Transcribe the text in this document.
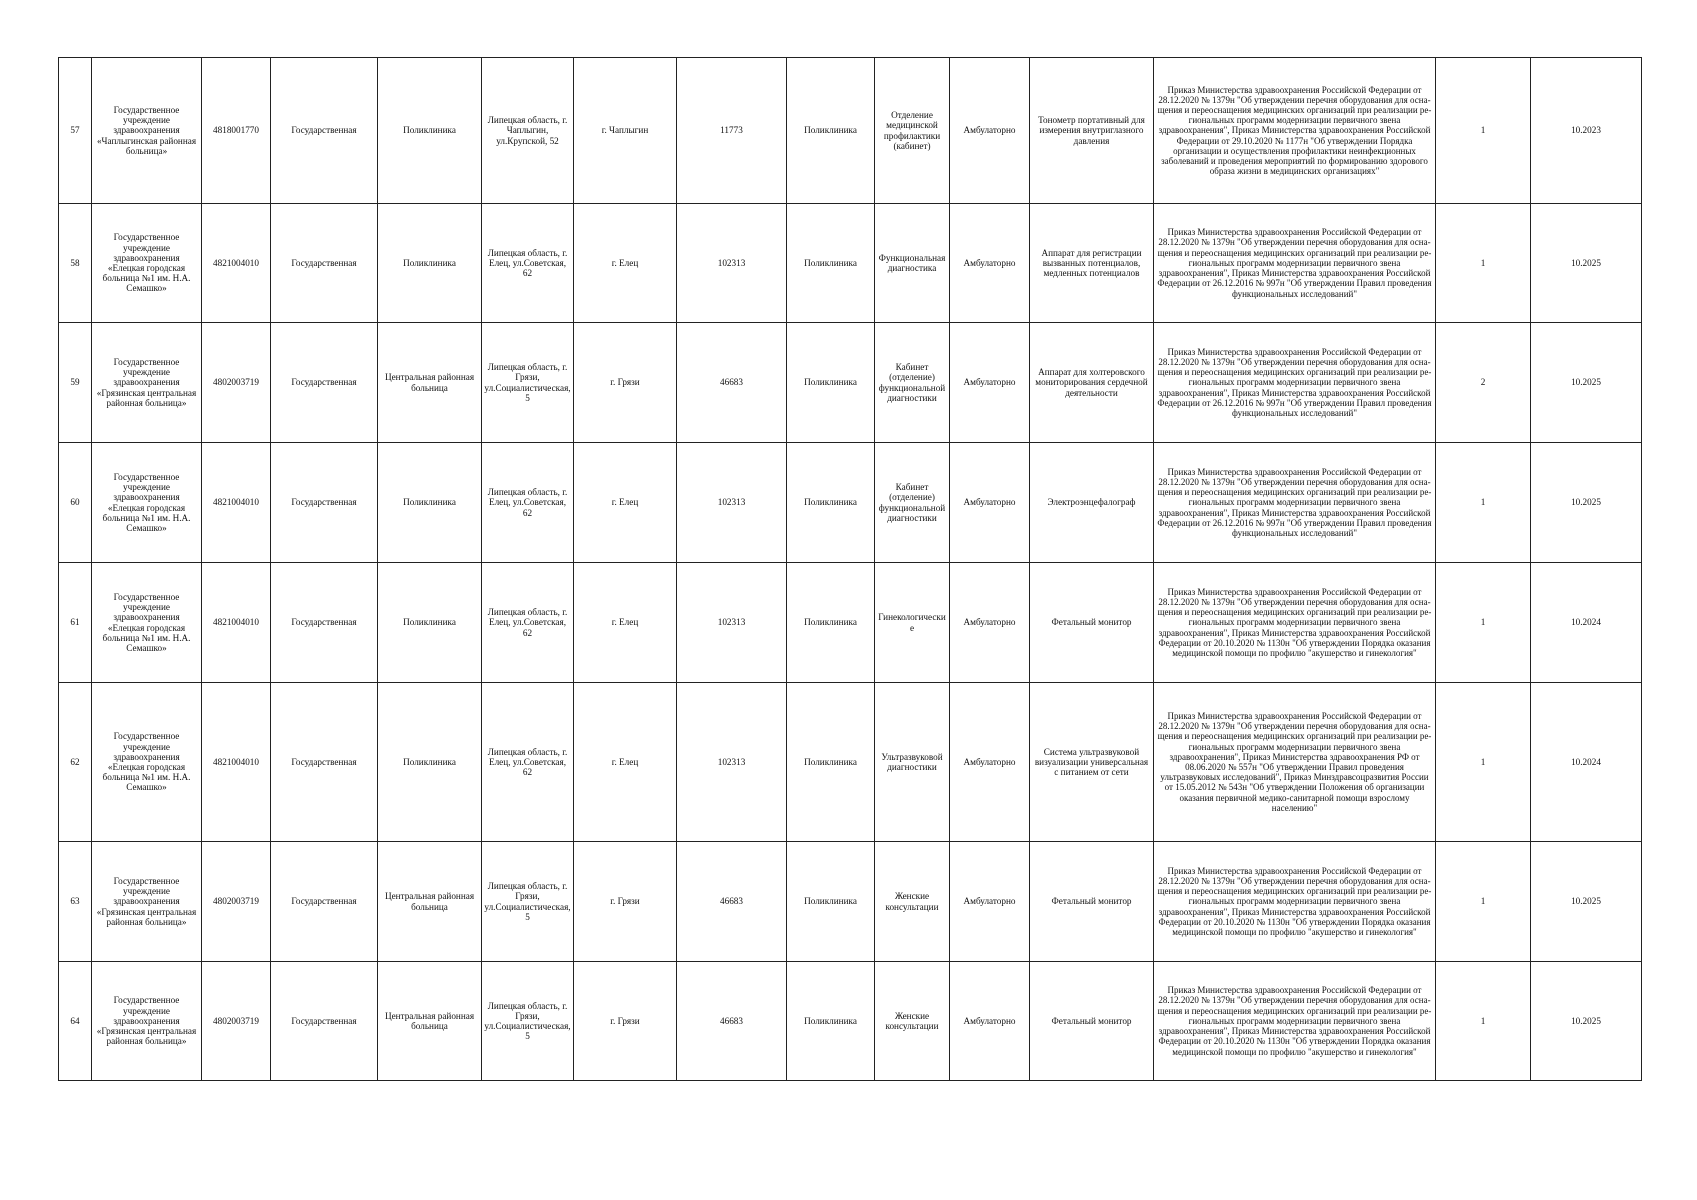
57	Государственное учреждение здравоохранения «Чаплыгинская районная больница»	4818001770	Государственная	Поликлиника	Липецкая область, г. Чаплыгин, ул.Крупской, 52	г. Чаплыгин	11773	Поликлиника	Отделение медицинской профилактики (кабинет)	Амбулаторно	Тонометр портативный для измерения внутриглазного давления	Приказ Министерства здравоохранения Российской Федерации от 28.12.2020 № 1379н "Об утверждении перечня оборудования для осна-щения и переоснащения медицинских организаций при реализации ре-гиональных программ модернизации первичного звена здравоохранения", Приказ Министерства здравоохранения Российской Федерации от 29.10.2020 № 1177н "Об утверждении Порядка организации и осуществления профилактики неинфекционных заболеваний и проведения мероприятий по формированию здорового образа жизни в медицинских организациях"	1	10.2023
58	Государственное учреждение здравоохранения «Елецкая городская больница №1 им. Н.А. Семашко»	4821004010	Государственная	Поликлиника	Липецкая область, г. Елец, ул.Советская, 62	г. Елец	102313	Поликлиника	Функциональная диагностика	Амбулаторно	Аппарат для регистрации вызванных потенциалов, медленных потенциалов	Приказ Министерства здравоохранения Российской Федерации от 28.12.2020 № 1379н "Об утверждении перечня оборудования для осна-щения и переоснащения медицинских организаций при реализации ре-гиональных программ модернизации первичного звена здравоохранения", Приказ Министерства здравоохранения Российской Федерации от 26.12.2016 № 997н "Об утверждении Правил проведения функциональных исследований"	1	10.2025
59	Государственное учреждение здравоохранения «Грязинская центральная районная больница»	4802003719	Государственная	Центральная районная больница	Липецкая область, г. Грязи, ул.Социалистическая, 5	г. Грязи	46683	Поликлиника	Кабинет (отделение) функциональной диагностики	Амбулаторно	Аппарат для холтеровского мониторирования сердечной деятельности	Приказ Министерства здравоохранения Российской Федерации от 28.12.2020 № 1379н "Об утверждении перечня оборудования для осна-щения и переоснащения медицинских организаций при реализации ре-гиональных программ модернизации первичного звена здравоохранения", Приказ Министерства здравоохранения Российской Федерации от 26.12.2016 № 997н "Об утверждении Правил проведения функциональных исследований"	2	10.2025
60	Государственное учреждение здравоохранения «Елецкая городская больница №1 им. Н.А. Семашко»	4821004010	Государственная	Поликлиника	Липецкая область, г. Елец, ул.Советская, 62	г. Елец	102313	Поликлиника	Кабинет (отделение) функциональной диагностики	Амбулаторно	Электроэнцефалограф	Приказ Министерства здравоохранения Российской Федерации от 28.12.2020 № 1379н "Об утверждении перечня оборудования для осна-щения и переоснащения медицинских организаций при реализации ре-гиональных программ модернизации первичного звена здравоохранения", Приказ Министерства здравоохранения Российской Федерации от 26.12.2016 № 997н "Об утверждении Правил проведения функциональных исследований"	1	10.2025
61	Государственное учреждение здравоохранения «Елецкая городская больница №1 им. Н.А. Семашко»	4821004010	Государственная	Поликлиника	Липецкая область, г. Елец, ул.Советская, 62	г. Елец	102313	Поликлиника	Гинекологические	Амбулаторно	Фетальный монитор	Приказ Министерства здравоохранения Российской Федерации от 28.12.2020 № 1379н "Об утверждении перечня оборудования для осна-щения и переоснащения медицинских организаций при реализации ре-гиональных программ модернизации первичного звена здравоохранения", Приказ Министерства здравоохранения Российской Федерации от 20.10.2020 № 1130н "Об утверждении Порядка оказания медицинской помощи по профилю "акушерство и гинекология"	1	10.2024
62	Государственное учреждение здравоохранения «Елецкая городская больница №1 им. Н.А. Семашко»	4821004010	Государственная	Поликлиника	Липецкая область, г. Елец, ул.Советская, 62	г. Елец	102313	Поликлиника	Ультразвуковой диагностики	Амбулаторно	Система ультразвуковой визуализации универсальная с питанием от сети	Приказ Министерства здравоохранения Российской Федерации от 28.12.2020 № 1379н "Об утверждении перечня оборудования для осна-щения и переоснащения медицинских организаций при реализации ре-гиональных программ модернизации первичного звена здравоохранения", Приказ Министерства здравоохранения РФ от 08.06.2020 № 557н "Об утверждении Правил проведения ультразвуковых исследований", Приказ Минздравсоцразвития России от 15.05.2012 № 543н "Об утверждении Положения об организации оказания первичной медико-санитарной помощи взрослому населению"	1	10.2024
63	Государственное учреждение здравоохранения «Грязинская центральная районная больница»	4802003719	Государственная	Центральная районная больница	Липецкая область, г. Грязи, ул.Социалистическая, 5	г. Грязи	46683	Поликлиника	Женские консультации	Амбулаторно	Фетальный монитор	Приказ Министерства здравоохранения Российской Федерации от 28.12.2020 № 1379н "Об утверждении перечня оборудования для осна-щения и переоснащения медицинских организаций при реализации ре-гиональных программ модернизации первичного звена здравоохранения", Приказ Министерства здравоохранения Российской Федерации от 20.10.2020 № 1130н "Об утверждении Порядка оказания медицинской помощи по профилю "акушерство и гинекология"	1	10.2025
64	Государственное учреждение здравоохранения «Грязинская центральная районная больница»	4802003719	Государственная	Центральная районная больница	Липецкая область, г. Грязи, ул.Социалистическая, 5	г. Грязи	46683	Поликлиника	Женские консультации	Амбулаторно	Фетальный монитор	Приказ Министерства здравоохранения Российской Федерации от 28.12.2020 № 1379н "Об утверждении перечня оборудования для осна-щения и переоснащения медицинских организаций при реализации ре-гиональных программ модернизации первичного звена здравоохранения", Приказ Министерства здравоохранения Российской Федерации от 20.10.2020 № 1130н "Об утверждении Порядка оказания медицинской помощи по профилю "акушерство и гинекология"	1	10.2025
